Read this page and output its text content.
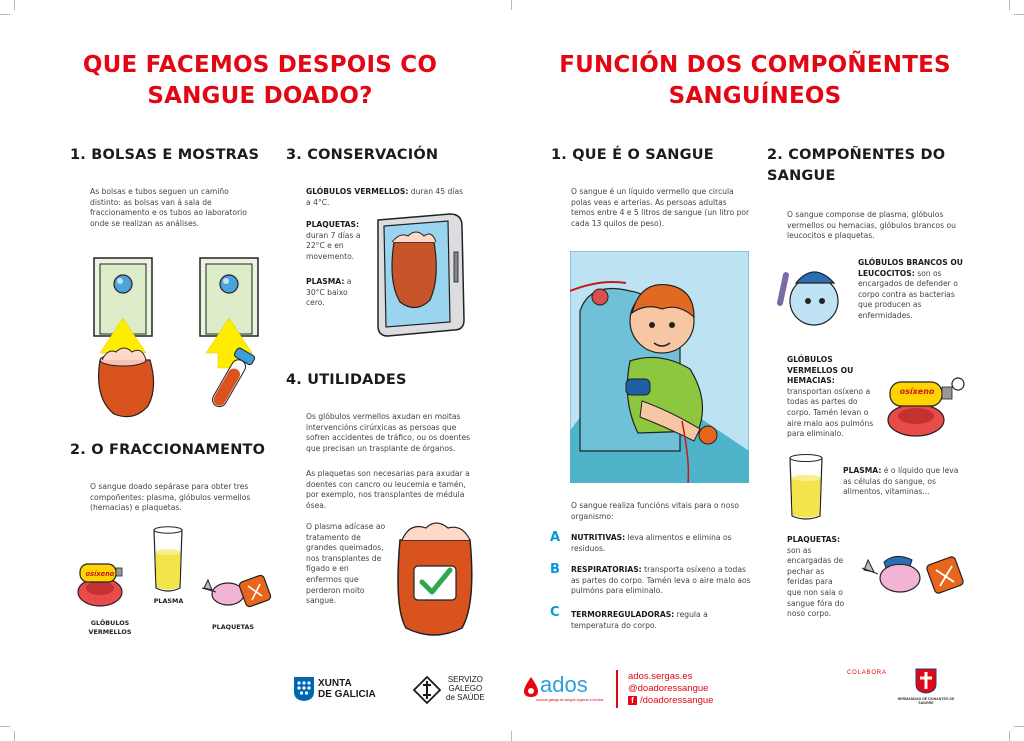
QUE FACEMOS DESPOIS CO
SANGUE DOADO?
1. BOLSAS E MOSTRAS
As bolsas e tubos seguen un camiño distinto: as bolsas van á sala de fraccionamento e os tubos ao laboratorio onde se realizan as análises.
2. O FRACCIONAMENTO
O sangue doado sepárase para obter tres compoñentes: plasma, glóbulos vermellos (hemacias) e plaquetas.
osíxeno
GLÓBULOS VERMELLOS
PLASMA
PLAQUETAS
3. CONSERVACIÓN
GLÓBULOS VERMELLOS: duran 45 días a 4°C.
PLAQUETAS: duran 7 días a 22°C e en movemento.
PLASMA: a 30°C baixo cero.
4. UTILIDADES
Os glóbulos vermellos axudan en moitas intervencións cirúrxicas as persoas que sofren accidentes de tráfico, ou os doentes que precisan un trasplante de órganos.
As plaquetas son necesarias para axudar a doentes con cancro ou leucemia e tamén, por exemplo, nos transplantes de médula ósea.
O plasma adícase ao tratamento de grandes queimados, nos transplantes de fígado e en enfermos que perderon moito sangue.
FUNCIÓN DOS COMPOÑENTES
SANGUÍNEOS
1. QUE É O SANGUE
O sangue é un líquido vermello que circula polas veas e arterias. As persoas adultas temos entre 4 e 5 litros de sangue (un litro por cada 13 quilos de peso).
O sangue realiza funcións vitais para o noso organismo:
A NUTRITIVAS: leva alimentos e elimina os residuos.
B RESPIRATORIAS: transporta osíxeno a todas as partes do corpo. Tamén leva o aire malo aos pulmóns para eliminalo.
C TERMORREGULADORAS: regula a temperatura do corpo.
2. COMPOÑENTES DO
SANGUE
O sangue componse de plasma, glóbulos vermellos ou hemacias, glóbulos brancos ou leucocitos e plaquetas.
GLÓBULOS BRANCOS OU LEUCOCITOS: son os encargados de defender o corpo contra as bacterias que producen as enfermidades.
GLÓBULOS VERMELLOS OU HEMACIAS: transportan osíxeno a todas as partes do corpo. Tamén levan o aire malo aos pulmóns para eliminalo.
osíxeno
PLASMA: é o líquido que leva as células do sangue, os alimentos, vitaminas...
PLAQUETAS: son as encargadas de pechar as feridas para que non saia o sangue fóra do noso corpo.
XUNTA
DE GALICIA
SERVIZO
GALEGO
de SAÚDE
ados
axencia galega de sangue órganos e tecidos
ados.sergas.es
@doadoressangue
f /doadoressangue
COLABORA
HERMANDAD DE DONANTES DE SANGRE
